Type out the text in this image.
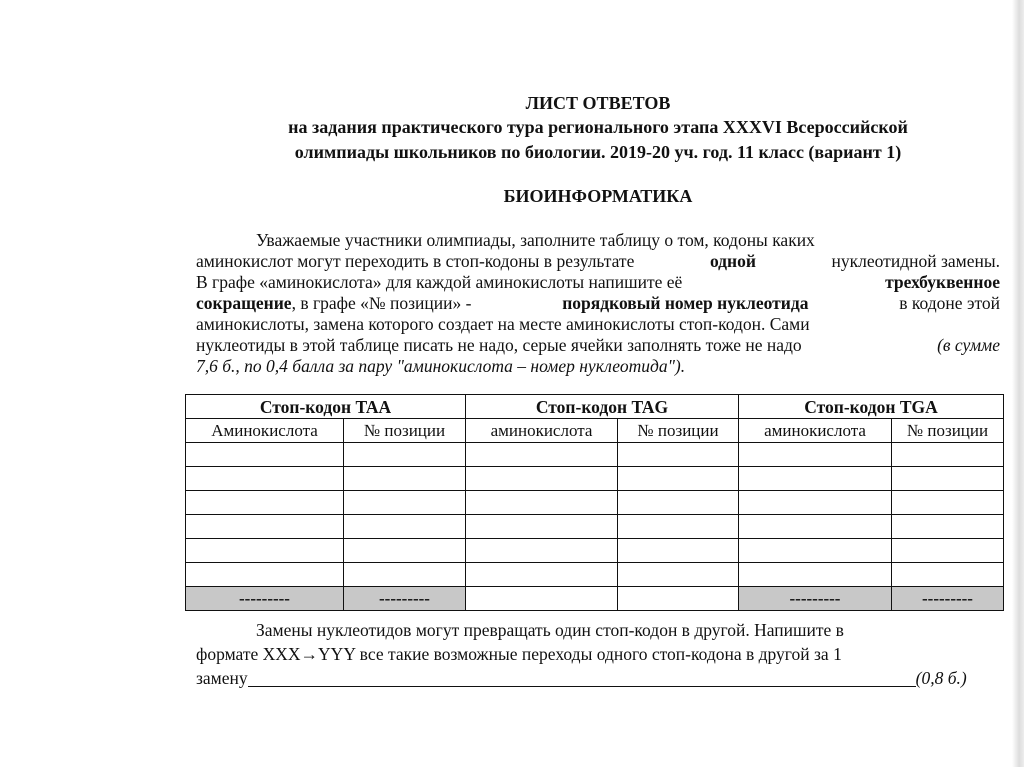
ЛИСТ ОТВЕТОВ
на задания практического тура регионального этапа XXXVI Всероссийской
олимпиады школьников по биологии. 2019-20 уч. год. 11 класс (вариант 1)
БИОИНФОРМАТИКА
Уважаемые участники олимпиады, заполните таблицу о том, кодоны каких
аминокислот могут переходить в стоп-кодоны в результате	одной	нуклеотидной замены.
В графе «аминокислота» для каждой аминокислоты напишите её	трехбуквенное
сокращение, в графе «№ позиции» -	порядковый номер нуклеотида	в кодоне этой
аминокислоты, замена которого создает на месте аминокислоты стоп-кодон. Сами
нуклеотиды в этой таблице писать не надо, серые ячейки заполнять тоже не надо	(в сумме
7,6 б., по 0,4 балла за пару "аминокислота – номер нуклеотида").
Стоп-кодон TAA		Стоп-кодон TAG		Стоп-кодон TGA	
Аминокислота	№ позиции	аминокислота	№ позиции	аминокислота	№ позиции

---------	---------			---------	---------
Замены нуклеотидов могут превращать один стоп-кодон в другой. Напишите в
формате XXX→YYY все такие возможные переходы одного стоп-кодона в другой за 1
замену	(0,8 б.)
